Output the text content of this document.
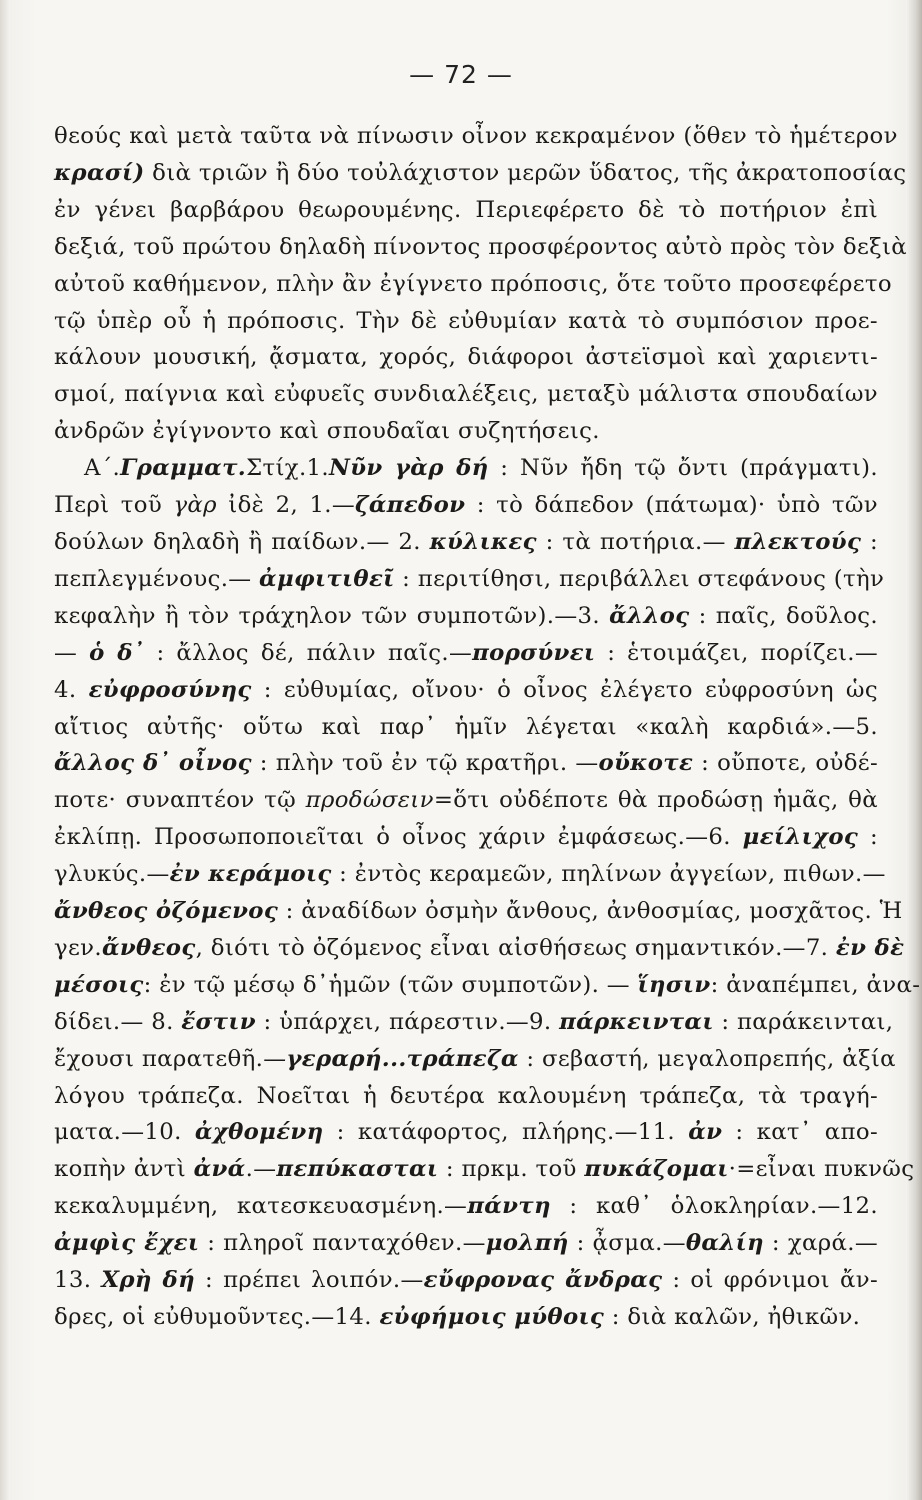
— 72 —
θεούς καὶ μετὰ ταῦτα νὰ πίνωσιν οἶνον κεκραμένον (ὅθεν τὸ ἡμέτερον
κρασί) διὰ τριῶν ἢ δύο τοὐλάχιστον μερῶν ὕδατος, τῆς ἀκρατοποσίας
ἐν γένει βαρβάρου θεωρουμένης. Περιεφέρετο δὲ τὸ ποτήριον ἐπὶ
δεξιά, τοῦ πρώτου δηλαδὴ πίνοντος προσφέροντος αὐτὸ πρὸς τὸν δεξιὰ
αὐτοῦ καθήμενον, πλὴν ἂν ἐγίγνετο πρόποσις, ὅτε τοῦτο προσεφέρετο
τῷ ὑπὲρ οὗ ἡ πρόποσις. Τὴν δὲ εὐθυμίαν κατὰ τὸ συμπόσιον προε-
κάλουν μουσική, ᾄσματα, χορός, διάφοροι ἀστεϊσμοὶ καὶ χαριεντι-
σμοί, παίγνια καὶ εὐφυεῖς συνδιαλέξεις, μεταξὺ μάλιστα σπουδαίων
ἀνδρῶν ἐγίγνοντο καὶ σπουδαῖαι συζητήσεις.
Α΄.Γραμματ.Στίχ.1.Νῦν γὰρ δή : Νῦν ἤδη τῷ ὄντι (πράγματι).
Περὶ τοῦ γὰρ ἰδὲ 2, 1.—ζάπεδον : τὸ δάπεδον (πάτωμα)· ὑπὸ τῶν
δούλων δηλαδὴ ἢ παίδων.— 2. κύλικες : τὰ ποτήρια.— πλεκτούς :
πεπλεγμένους.— ἀμφιτιθεῖ : περιτίθησι, περιβάλλει στεφάνους (τὴν
κεφαλὴν ἢ τὸν τράχηλον τῶν συμποτῶν).—3. ἄλλος : παῖς, δοῦλος.
— ὁ δ᾽ : ἄλλος δέ, πάλιν παῖς.—πορσύνει : ἑτοιμάζει, πορίζει.—
4. εὐφροσύνης : εὐθυμίας, οἴνου· ὁ οἶνος ἐλέγετο εὐφροσύνη ὡς
αἴτιος αὐτῆς· οὕτω καὶ παρ᾽ ἡμῖν λέγεται «καλὴ καρδιά».—5.
ἄλλος δ᾽ οἶνος : πλὴν τοῦ ἐν τῷ κρατῆρι. —οὔκοτε : οὔποτε, οὐδέ-
ποτε· συναπτέον τῷ προδώσειν=ὅτι οὐδέποτε θὰ προδώσῃ ἡμᾶς, θὰ
ἐκλίπῃ. Προσωποποιεῖται ὁ οἶνος χάριν ἐμφάσεως.—6. μείλιχος :
γλυκύς.—ἐν κεράμοις : ἐντὸς κεραμεῶν, πηλίνων ἀγγείων, πιθων.—
ἄνθεος ὀζόμενος : ἀναδίδων ὀσμὴν ἄνθους, ἀνθοσμίας, μοσχᾶτος. Ἡ
γεν.ἄνθεος, διότι τὸ ὀζόμενος εἶναι αἰσθήσεως σημαντικόν.—7. ἐν δὲ
μέσοις: ἐν τῷ μέσῳ δ᾽ἡμῶν (τῶν συμποτῶν). — ἵησιν: ἀναπέμπει, ἀνα-
δίδει.— 8. ἔστιν : ὑπάρχει, πάρεστιν.—9. πάρκεινται : παράκεινται,
ἔχουσι παρατεθῆ.—γεραρή...τράπεζα : σεβαστή, μεγαλοπρεπής, ἀξία
λόγου τράπεζα. Νοεῖται ἡ δευτέρα καλουμένη τράπεζα, τὰ τραγή-
ματα.—10. ἀχθομένη : κατάφορτος, πλήρης.—11. ἀν : κατ᾽ απο-
κοπὴν ἀντὶ ἀνά.—πεπύκασται : πρκμ. τοῦ πυκάζομαι·=εἶναι πυκνῶς
κεκαλυμμένη, κατεσκευασμένη.—πάντη : καθ᾽ ὁλοκληρίαν.—12.
ἀμφὶς ἔχει : πληροῖ πανταχόθεν.—μολπή : ᾆσμα.—θαλίη : χαρά.—
13. Χρὴ δή : πρέπει λοιπόν.—εὔφρονας ἄνδρας : οἱ φρόνιμοι ἄν-
δρες, οἱ εὐθυμοῦντες.—14. εὐφήμοις μύθοις : διὰ καλῶν, ἠθικῶν.
